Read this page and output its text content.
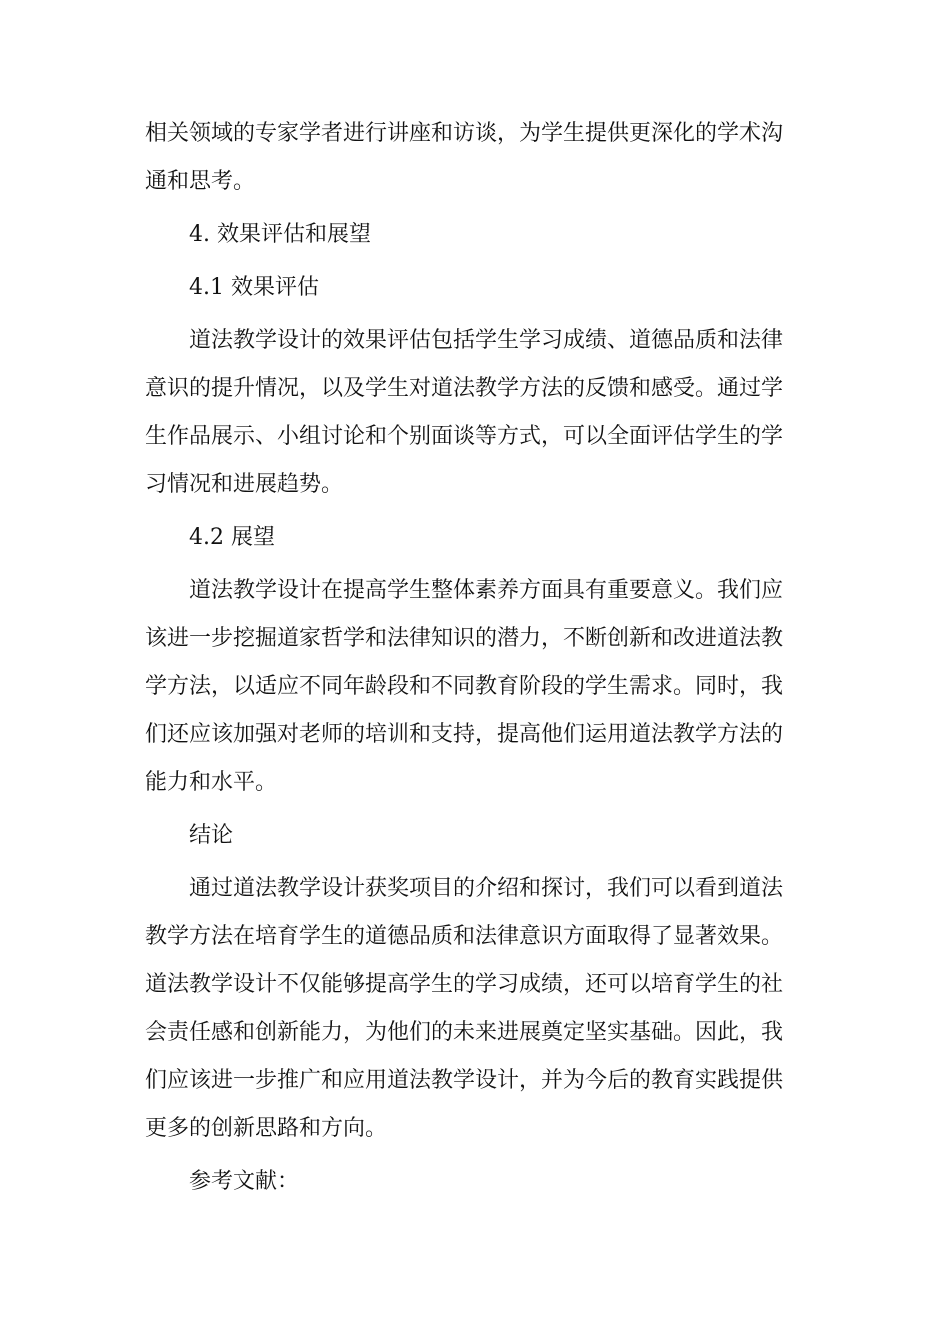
相关领域的专家学者进行讲座和访谈，为学生提供更深化的学术沟
通和思考。

4. 效果评估和展望

4.1 效果评估

道法教学设计的效果评估包括学生学习成绩、道德品质和法律
意识的提升情况，以及学生对道法教学方法的反馈和感受。通过学
生作品展示、小组讨论和个别面谈等方式，可以全面评估学生的学
习情况和进展趋势。

4.2 展望

道法教学设计在提高学生整体素养方面具有重要意义。我们应
该进一步挖掘道家哲学和法律知识的潜力，不断创新和改进道法教
学方法，以适应不同年龄段和不同教育阶段的学生需求。同时，我
们还应该加强对老师的培训和支持，提高他们运用道法教学方法的
能力和水平。

结论

通过道法教学设计获奖项目的介绍和探讨，我们可以看到道法
教学方法在培育学生的道德品质和法律意识方面取得了显著效果。
道法教学设计不仅能够提高学生的学习成绩，还可以培育学生的社
会责任感和创新能力，为他们的未来进展奠定坚实基础。因此，我
们应该进一步推广和应用道法教学设计，并为今后的教育实践提供
更多的创新思路和方向。

参考文献：
